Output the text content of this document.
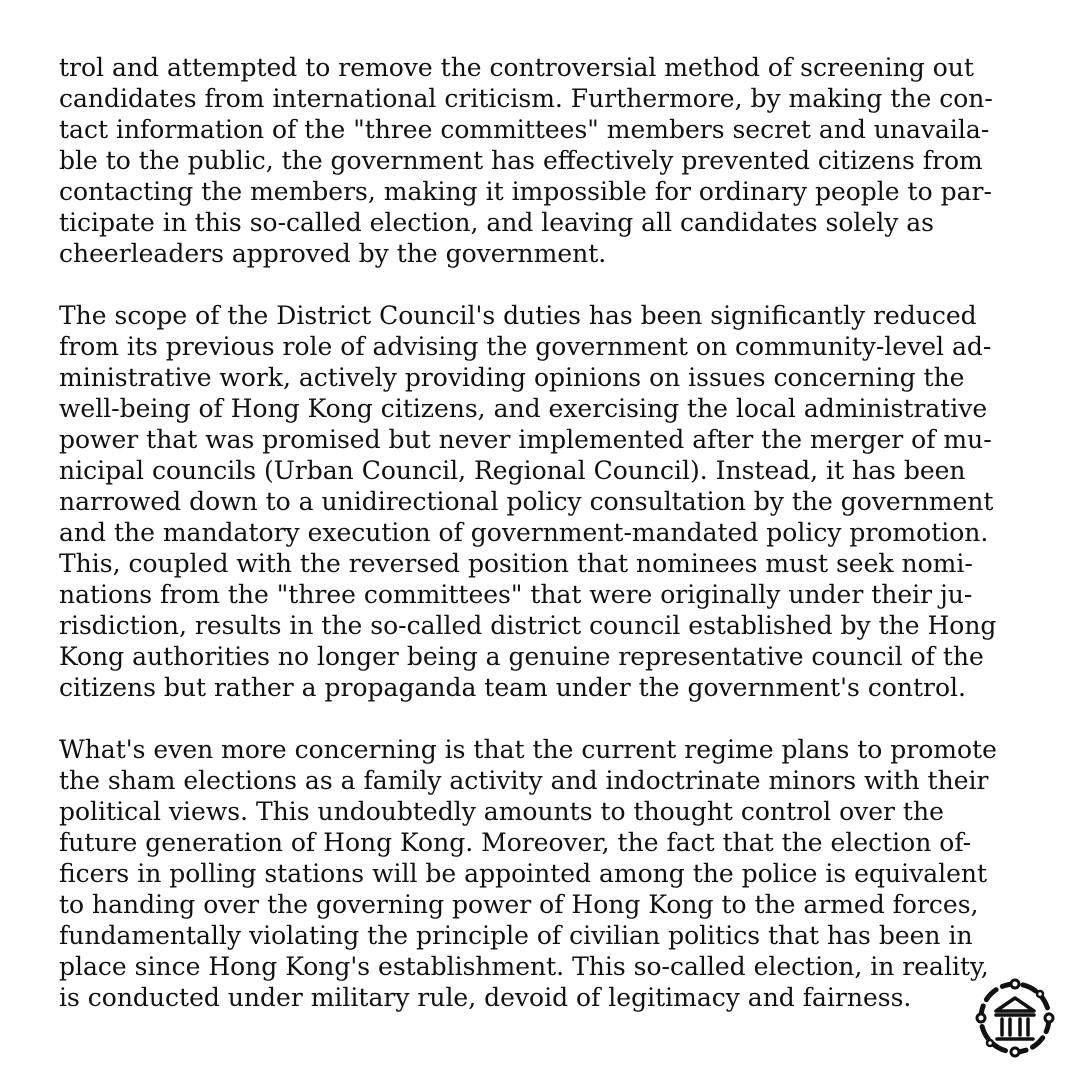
trol and attempted to remove the controversial method of screening out
candidates from international criticism. Furthermore, by making the con-
tact information of the "three committees" members secret and unavaila-
ble to the public, the government has effectively prevented citizens from
contacting the members, making it impossible for ordinary people to par-
ticipate in this so-called election, and leaving all candidates solely as
cheerleaders approved by the government.

The scope of the District Council's duties has been significantly reduced
from its previous role of advising the government on community-level ad-
ministrative work, actively providing opinions on issues concerning the
well-being of Hong Kong citizens, and exercising the local administrative
power that was promised but never implemented after the merger of mu-
nicipal councils (Urban Council, Regional Council). Instead, it has been
narrowed down to a unidirectional policy consultation by the government
and the mandatory execution of government-mandated policy promotion.
This, coupled with the reversed position that nominees must seek nomi-
nations from the "three committees" that were originally under their ju-
risdiction, results in the so-called district council established by the Hong
Kong authorities no longer being a genuine representative council of the
citizens but rather a propaganda team under the government's control.

What's even more concerning is that the current regime plans to promote
the sham elections as a family activity and indoctrinate minors with their
political views. This undoubtedly amounts to thought control over the
future generation of Hong Kong. Moreover, the fact that the election of-
ficers in polling stations will be appointed among the police is equivalent
to handing over the governing power of Hong Kong to the armed forces,
fundamentally violating the principle of civilian politics that has been in
place since Hong Kong's establishment. This so-called election, in reality,
is conducted under military rule, devoid of legitimacy and fairness.
